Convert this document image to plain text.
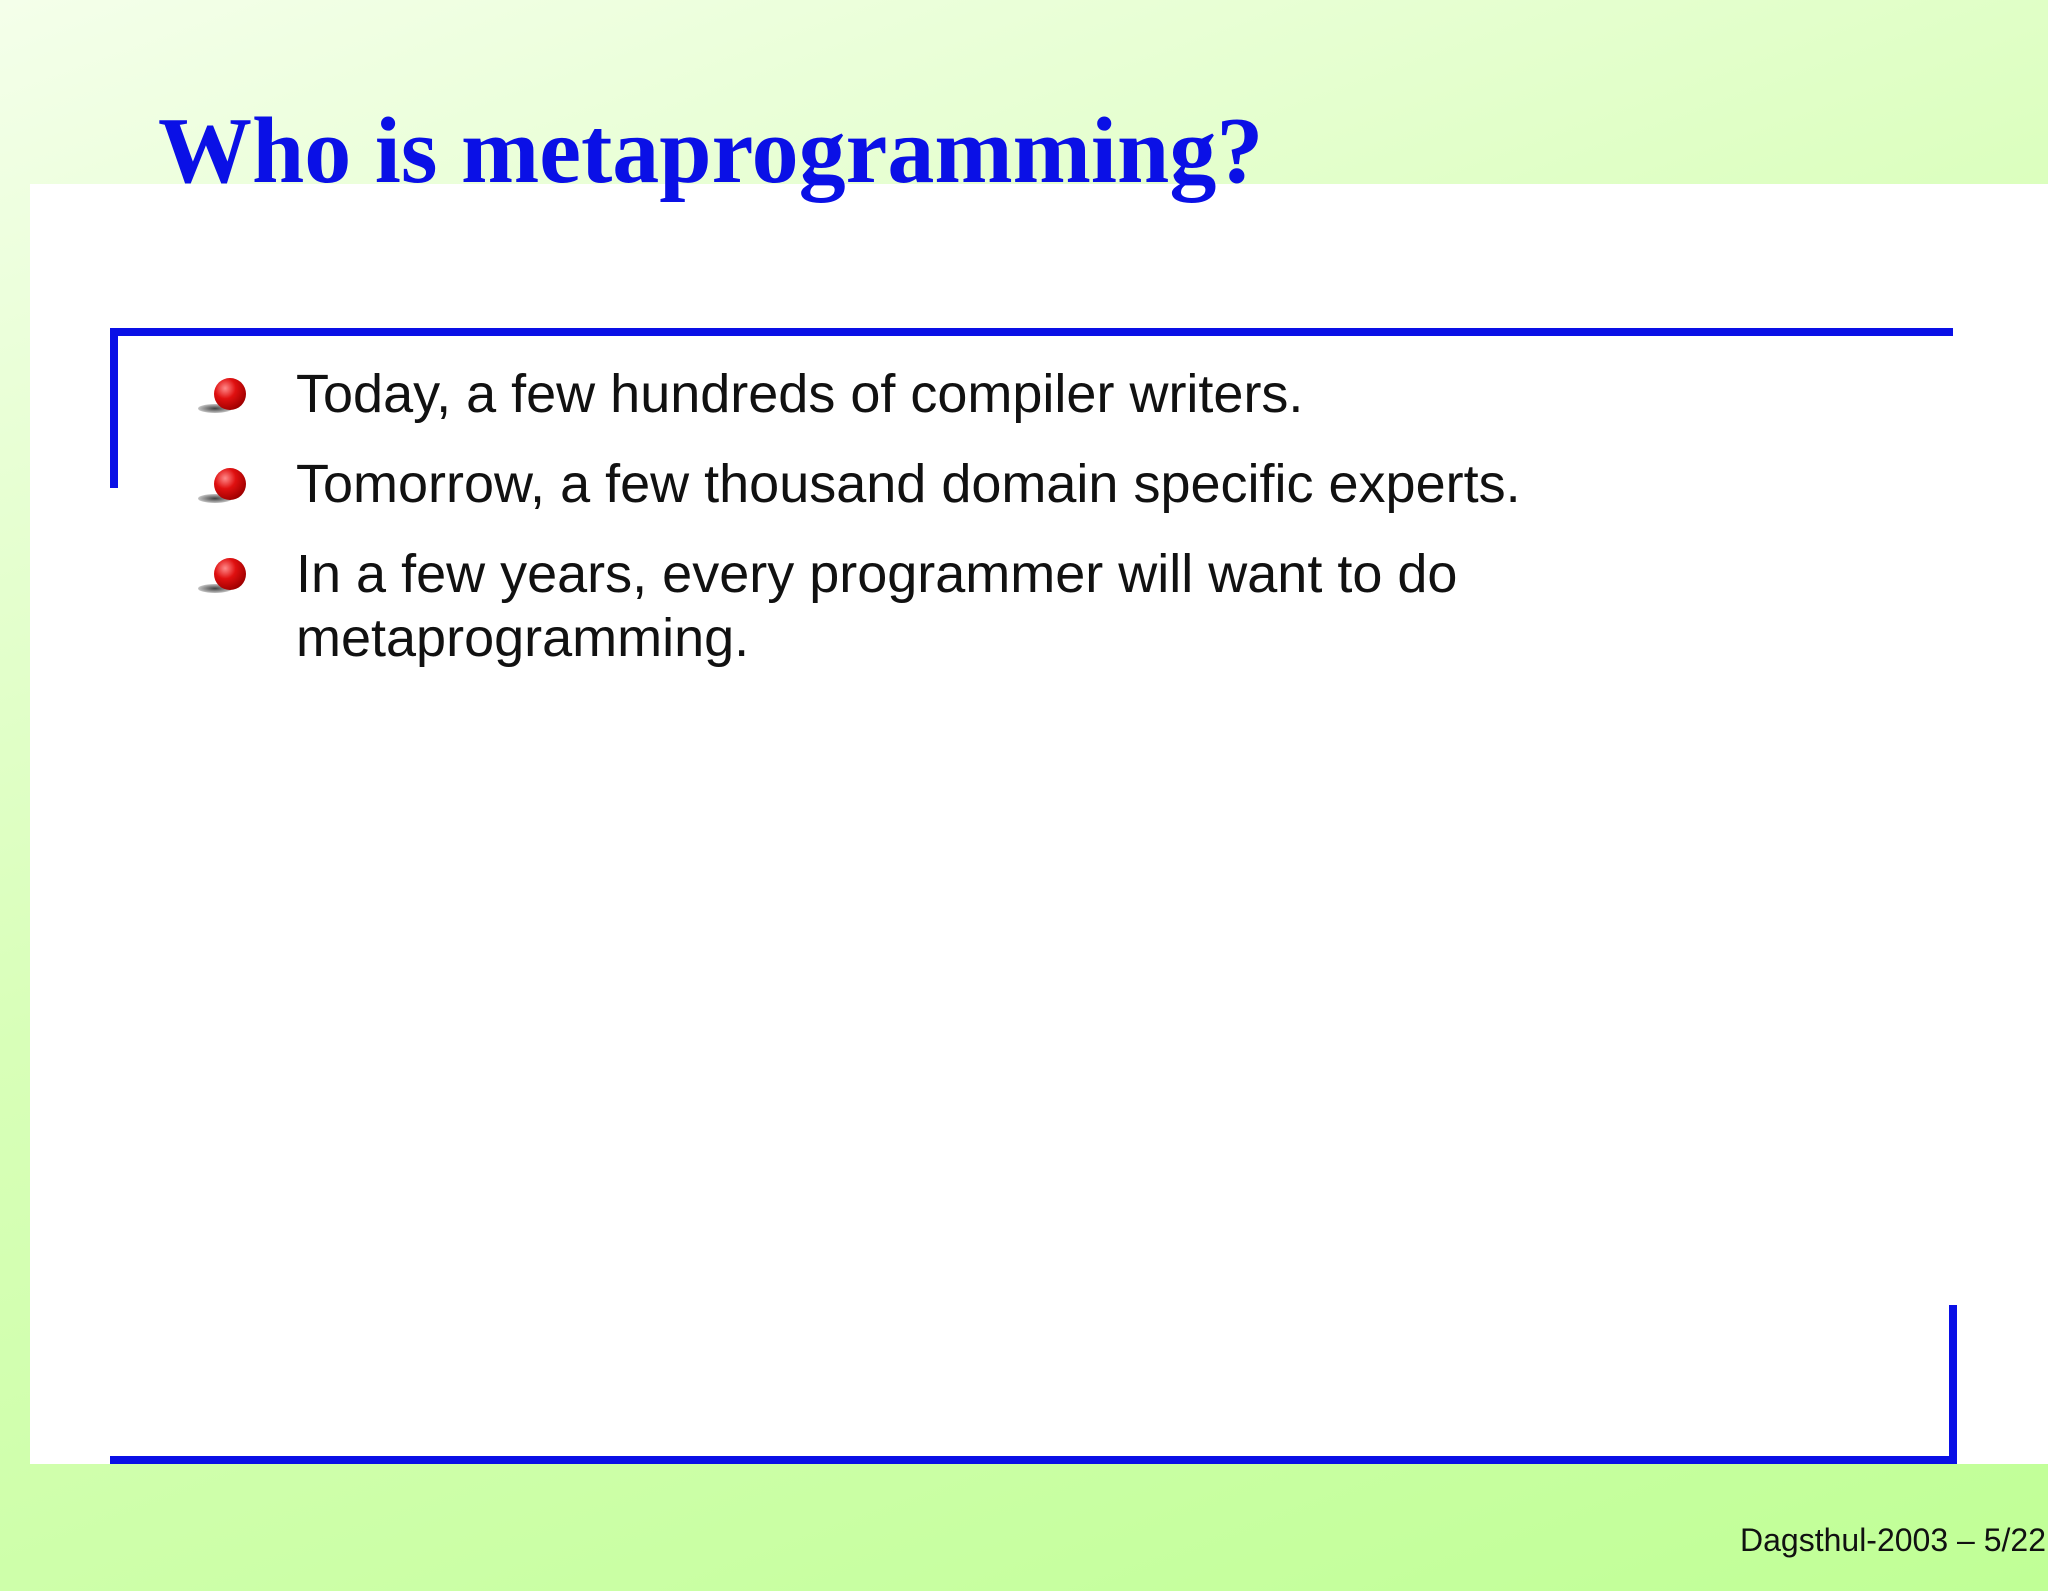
Who is metaprogramming?
Today, a few hundreds of compiler writers.
Tomorrow, a few thousand domain specific experts.
In a few years, every programmer will want to do metaprogramming.
Dagsthul-2003 – 5/22
